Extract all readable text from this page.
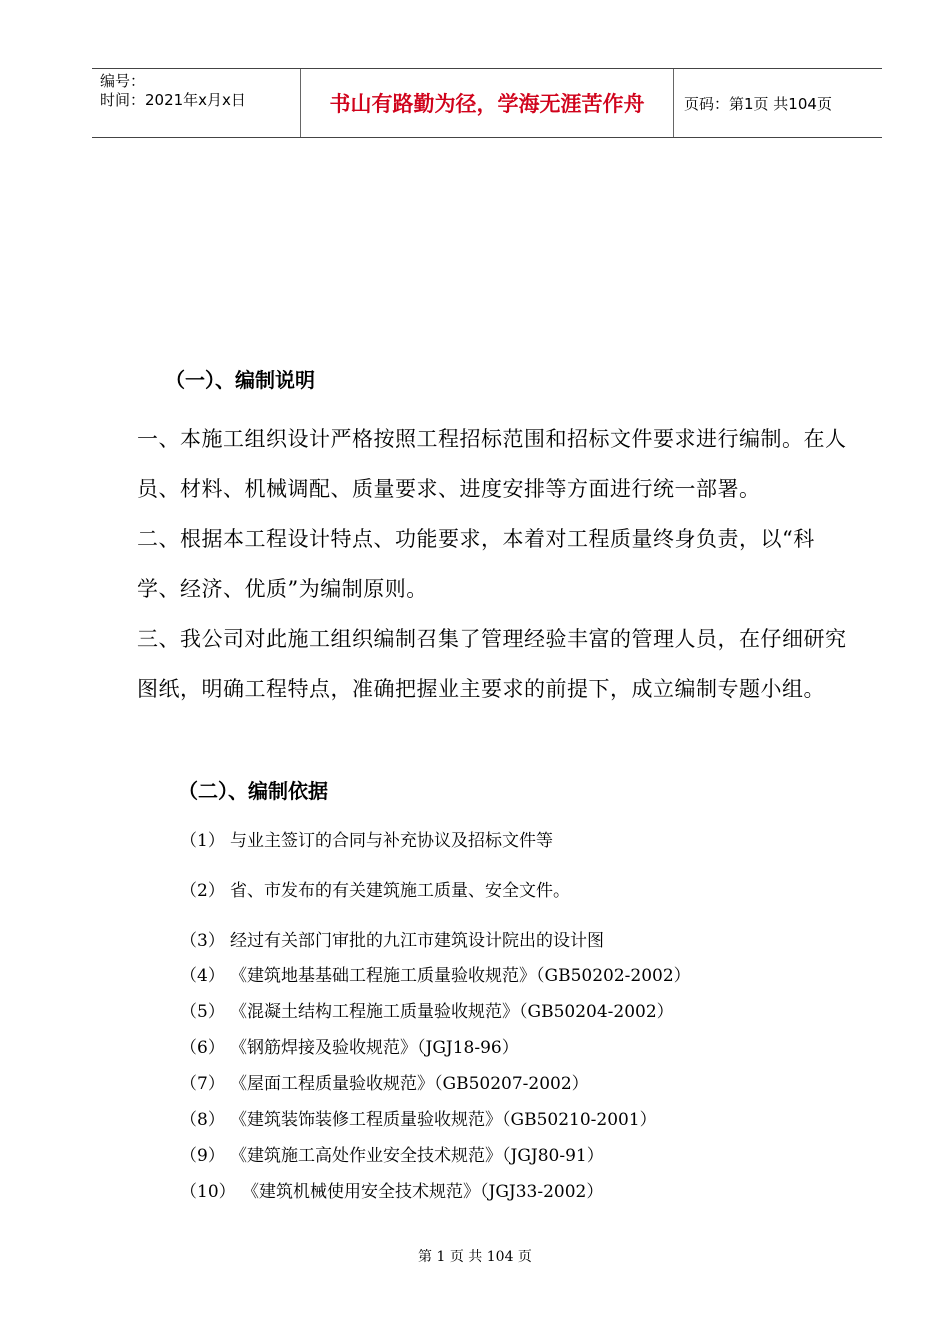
编号：
时间：2021年x月x日	书山有路勤为径，学海无涯苦作舟	页码：第1页 共104页
（一）、编制说明

一、本施工组织设计严格按照工程招标范围和招标文件要求进行编制。在人员、材料、机械调配、质量要求、进度安排等方面进行统一部署。

二、根据本工程设计特点、功能要求，本着对工程质量终身负责，以“科学、经济、优质”为编制原则。

三、我公司对此施工组织编制召集了管理经验丰富的管理人员，在仔细研究图纸，明确工程特点，准确把握业主要求的前提下，成立编制专题小组。

（二）、编制依据
（1） 与业主签订的合同与补充协议及招标文件等
（2） 省、市发布的有关建筑施工质量、安全文件。
（3） 经过有关部门审批的九江市建筑设计院出的设计图
（4） 《建筑地基基础工程施工质量验收规范》（GB50202-2002）
（5） 《混凝土结构工程施工质量验收规范》（GB50204-2002）
（6） 《钢筋焊接及验收规范》（JGJ18-96）
（7） 《屋面工程质量验收规范》（GB50207-2002）
（8） 《建筑装饰装修工程质量验收规范》（GB50210-2001）
（9） 《建筑施工高处作业安全技术规范》（JGJ80-91）
（10） 《建筑机械使用安全技术规范》（JGJ33-2002）
第 1 页 共 104 页
